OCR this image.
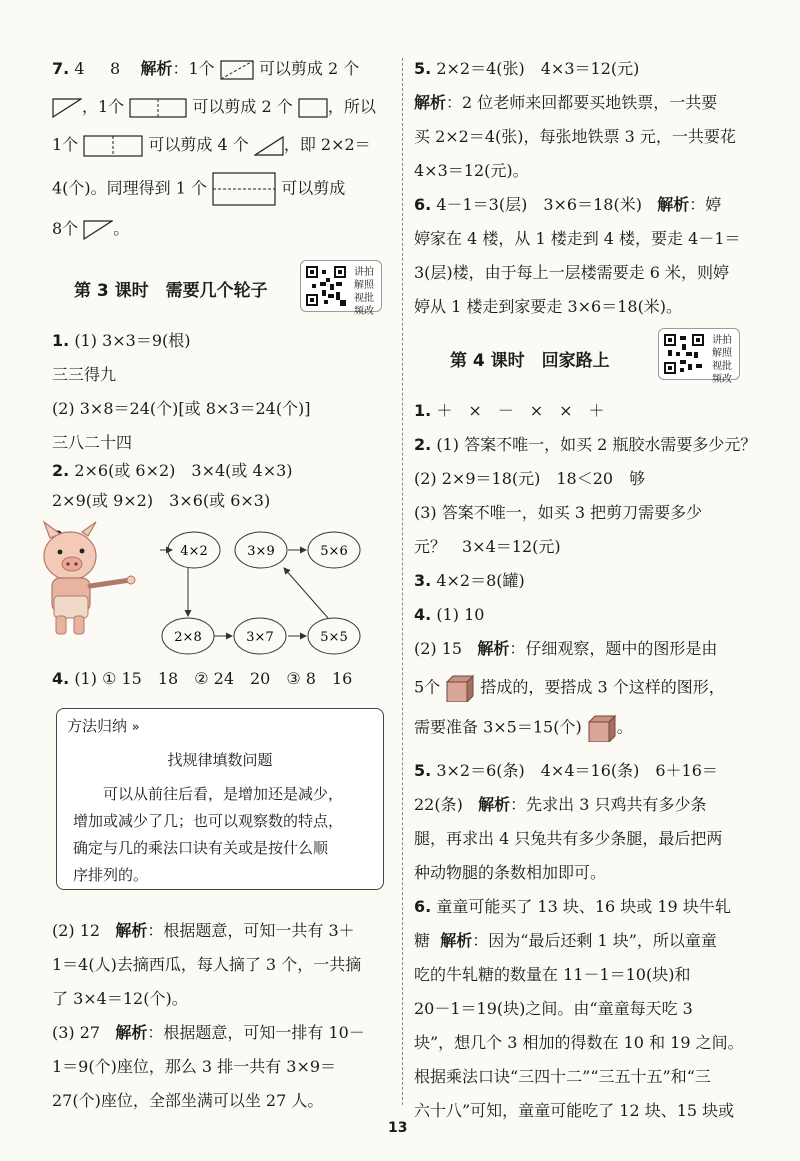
7. 4 8 解析：1个	可以剪成 2 个
，1个	可以剪成 2 个 ，所以
1个	可以剪成 4 个 ，即 2×2＝
4(个)。同理得到 1 个	可以剪成
8个 。
第 3 课时　需要几个轮子
讲拍解照视批频改
1. (1) 3×3＝9(根)
三三得九
(2) 3×8＝24(个)[或 8×3＝24(个)]
三八二十四
2. 2×6(或 6×2)　3×4(或 4×3)
2×9(或 9×2)　3×6(或 6×3)
4×2	3×9	5×6
2×8	3×7	5×5
4. (1) ① 15　18　② 24　20　③ 8　16
方法归纳 »
找规律填数问题
　　可以从前往后看，是增加还是减少，
增加或减少了几；也可以观察数的特点，
确定与几的乘法口诀有关或是按什么顺
序排列的。
(2) 12 解析：根据题意，可知一共有 3＋
1＝4(人)去摘西瓜，每人摘了 3 个，一共摘
了 3×4＝12(个)。
(3) 27 解析：根据题意，可知一排有 10－
1＝9(个)座位，那么 3 排一共有 3×9＝
27(个)座位，全部坐满可以坐 27 人。
5. 2×2＝4(张)　4×3＝12(元)
解析：2 位老师来回都要买地铁票，一共要
买 2×2＝4(张)，每张地铁票 3 元，一共要花
4×3＝12(元)。
6. 4－1＝3(层)　3×6＝18(米) 解析：婷
婷家在 4 楼，从 1 楼走到 4 楼，要走 4－1＝
3(层)楼，由于每上一层楼需要走 6 米，则婷
婷从 1 楼走到家要走 3×6＝18(米)。
第 4 课时　回家路上
讲拍解照视批频改
1. ＋　×　－　×　×　＋
2. (1) 答案不唯一，如买 2 瓶胶水需要多少元？
(2) 2×9＝18(元)　18＜20　够
(3) 答案不唯一，如买 3 把剪刀需要多少
元？　3×4＝12(元)
3. 4×2＝8(罐)
4. (1) 10
(2) 15 解析：仔细观察，题中的图形是由
5个	搭成的，要搭成 3 个这样的图形，
需要准备 3×5＝15(个) 。
5. 3×2＝6(条)　4×4＝16(条)　6＋16＝
22(条) 解析：先求出 3 只鸡共有多少条
腿，再求出 4 只兔共有多少条腿，最后把两
种动物腿的条数相加即可。
6. 童童可能买了 13 块、16 块或 19 块牛轧
糖 解析：因为“最后还剩 1 块”，所以童童
吃的牛轧糖的数量在 11－1＝10(块)和
20－1＝19(块)之间。由“童童每天吃 3
块”，想几个 3 相加的得数在 10 和 19 之间。
根据乘法口诀“三四十二”“三五十五”和“三
六十八”可知，童童可能吃了 12 块、15 块或
13
